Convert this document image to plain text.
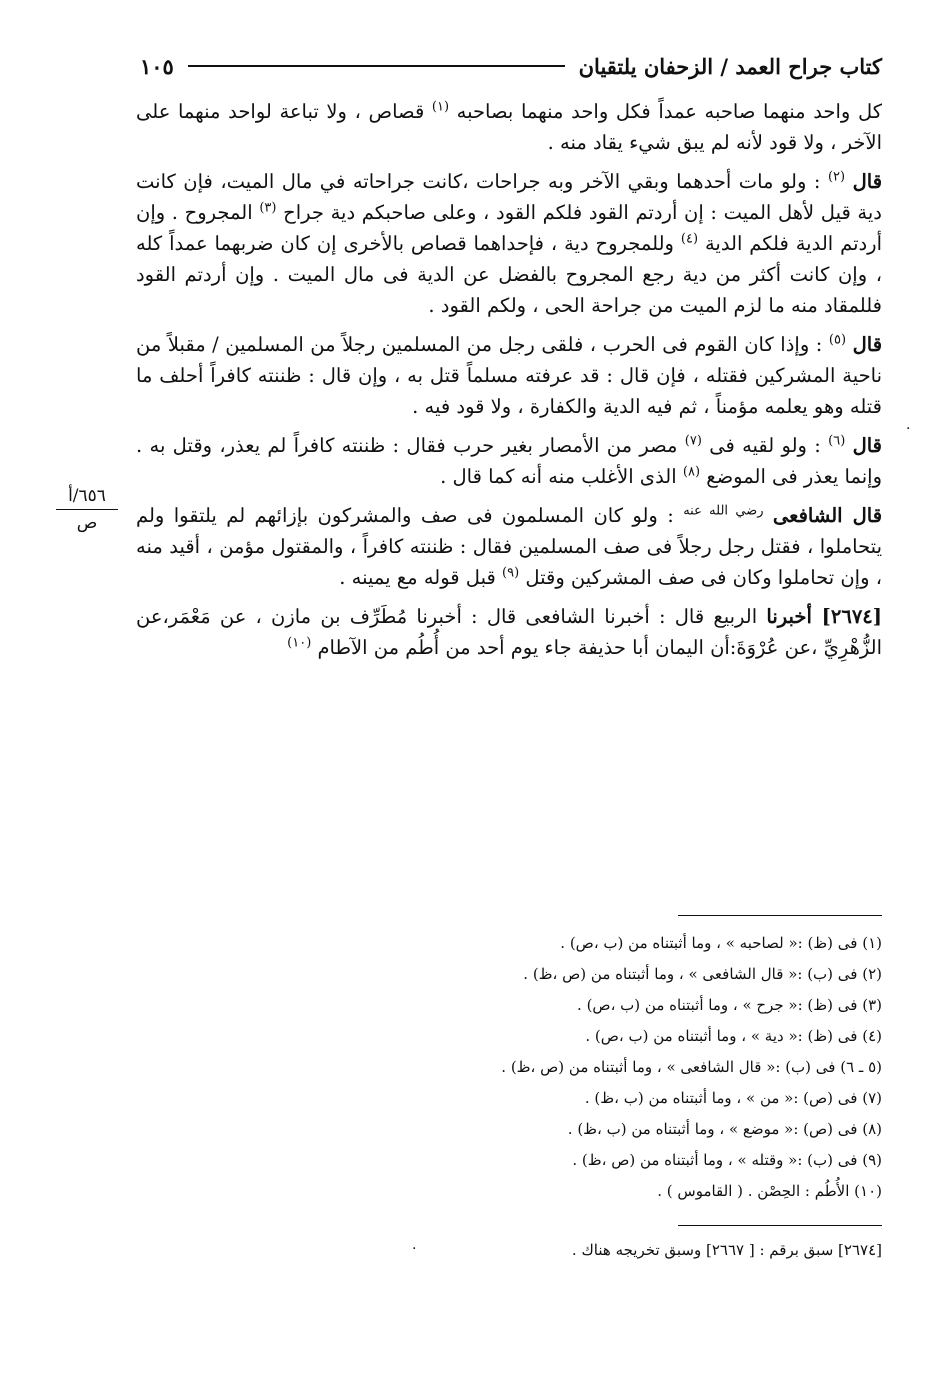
كتاب جراح العمد / الزحفان يلتقيان
١٠٥

كل واحد منهما صاحبه عمداً فكل واحد منهما بصاحبه $^{(١)}$ قصاص ، ولا تباعة لواحد منهما على الآخر ، ولا قود لأنه لم يبق شيء يقاد منه .

قال $^{(٢)}$ : ولو مات أحدهما وبقي الآخر وبه جراحات ،كانت جراحاته في مال الميت، فإن كانت دية قيل لأهل الميت : إن أردتم القود فلكم القود ، وعلى صاحبكم دية جراح $^{(٣)}$ المجروح . وإن أردتم الدية فلكم الدية $^{(٤)}$ وللمجروح دية ، فإحداهما قصاص بالأخرى إن كان ضربهما عمداً كله ، وإن كانت أكثر من دية رجع المجروح بالفضل عن الدية فى مال الميت . وإن أردتم القود فللمقاد منه ما لزم الميت من جراحة الحى ، ولكم القود .

قال $^{(٥)}$ : وإذا كان القوم فى الحرب ، فلقى رجل من المسلمين رجلاً من المسلمين / مقبلاً من ناحية المشركين فقتله ، فإن قال : قد عرفته مسلماً قتل به ، وإن قال : ظننته كافراً أحلف ما قتله وهو يعلمه مؤمناً ، ثم فيه الدية والكفارة ، ولا قود فيه .

قال $^{(٦)}$ : ولو لقيه فى $^{(٧)}$ مصر من الأمصار بغير حرب فقال : ظننته كافراً لم يعذر، وقتل به . وإنما يعذر فى الموضع $^{(٨)}$ الذى الأغلب منه أنه كما قال .

قال الشافعى $^{رضي الله عنه}$ : ولو كان المسلمون فى صف والمشركون بإزائهم لم يلتقوا ولم يتحاملوا ، فقتل رجل رجلاً فى صف المسلمين فقال : ظننته كافراً ، والمقتول مؤمن ، أقيد منه ، وإن تحاملوا وكان فى صف المشركين وقتل $^{(٩)}$ قبل قوله مع يمينه .

[٢٦٧٤] أخبرنا الربيع قال : أخبرنا الشافعى قال : أخبرنا مُطَرِّف بن مازن ، عن مَعْمَر،عن الزُّهْرِيِّ ،عن عُرْوَةَ:أن اليمان أبا حذيفة جاء يوم أحد من أُطُم من الآطام $^{(١٠)}$

٦٥٦/أ
ص
.
.
(١) فى (ظ) :« لصاحبه » ، وما أثبتناه من (ب ،ص) .
(٢) فى (ب) :« قال الشافعى » ، وما أثبتناه من (ص ،ظ) .
(٣) فى (ظ) :« جرح » ، وما أثبتناه من (ب ،ص) .
(٤) فى (ظ) :« دية » ، وما أثبتناه من (ب ،ص) .
(٥ ـ ٦) فى (ب) :« قال الشافعى » ، وما أثبتناه من (ص ،ظ) .
(٧) فى (ص) :« من » ، وما أثبتناه من (ب ،ظ) .
(٨) فى (ص) :« موضع » ، وما أثبتناه من (ب ،ظ) .
(٩) فى (ب) :« وقتله » ، وما أثبتناه من (ص ،ظ) .
(١٠) الأُطُم : الحِصْن . ( القاموس ) .
[٢٦٧٤] سبق برقم : [ ٢٦٦٧] وسبق تخريجه هناك .
